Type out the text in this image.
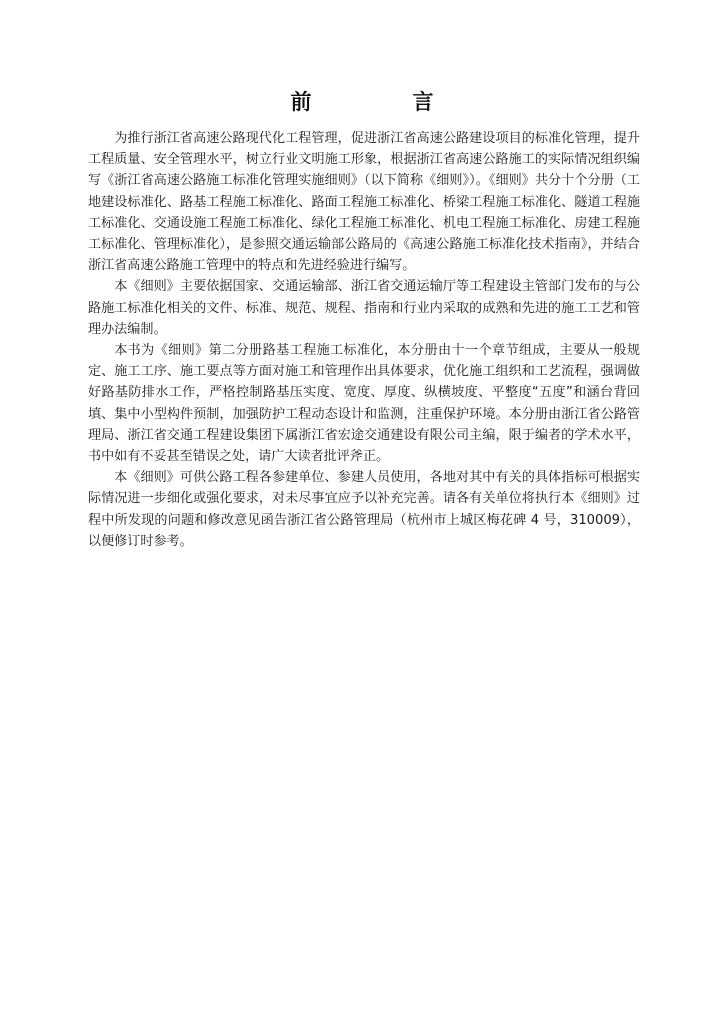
前　言

为推行浙江省高速公路现代化工程管理，促进浙江省高速公路建设项目的标准化管理，提升工程质量、安全管理水平，树立行业文明施工形象，根据浙江省高速公路施工的实际情况组织编写《浙江省高速公路施工标准化管理实施细则》（以下简称《细则》）。《细则》共分十个分册（工地建设标准化、路基工程施工标准化、路面工程施工标准化、桥梁工程施工标准化、隧道工程施工标准化、交通设施工程施工标准化、绿化工程施工标准化、机电工程施工标准化、房建工程施工标准化、管理标准化），是参照交通运输部公路局的《高速公路施工标准化技术指南》，并结合浙江省高速公路施工管理中的特点和先进经验进行编写。

本《细则》主要依据国家、交通运输部、浙江省交通运输厅等工程建设主管部门发布的与公路施工标准化相关的文件、标准、规范、规程、指南和行业内采取的成熟和先进的施工工艺和管理办法编制。

本书为《细则》第二分册路基工程施工标准化，本分册由十一个章节组成，主要从一般规定、施工工序、施工要点等方面对施工和管理作出具体要求，优化施工组织和工艺流程，强调做好路基防排水工作，严格控制路基压实度、宽度、厚度、纵横坡度、平整度“五度”和涵台背回填、集中小型构件预制，加强防护工程动态设计和监测，注重保护环境。本分册由浙江省公路管理局、浙江省交通工程建设集团下属浙江省宏途交通建设有限公司主编，限于编者的学术水平，书中如有不妥甚至错误之处，请广大读者批评斧正。

本《细则》可供公路工程各参建单位、参建人员使用，各地对其中有关的具体指标可根据实际情况进一步细化或强化要求，对未尽事宜应予以补充完善。请各有关单位将执行本《细则》过程中所发现的问题和修改意见函告浙江省公路管理局（杭州市上城区梅花碑 4 号，310009），以便修订时参考。
